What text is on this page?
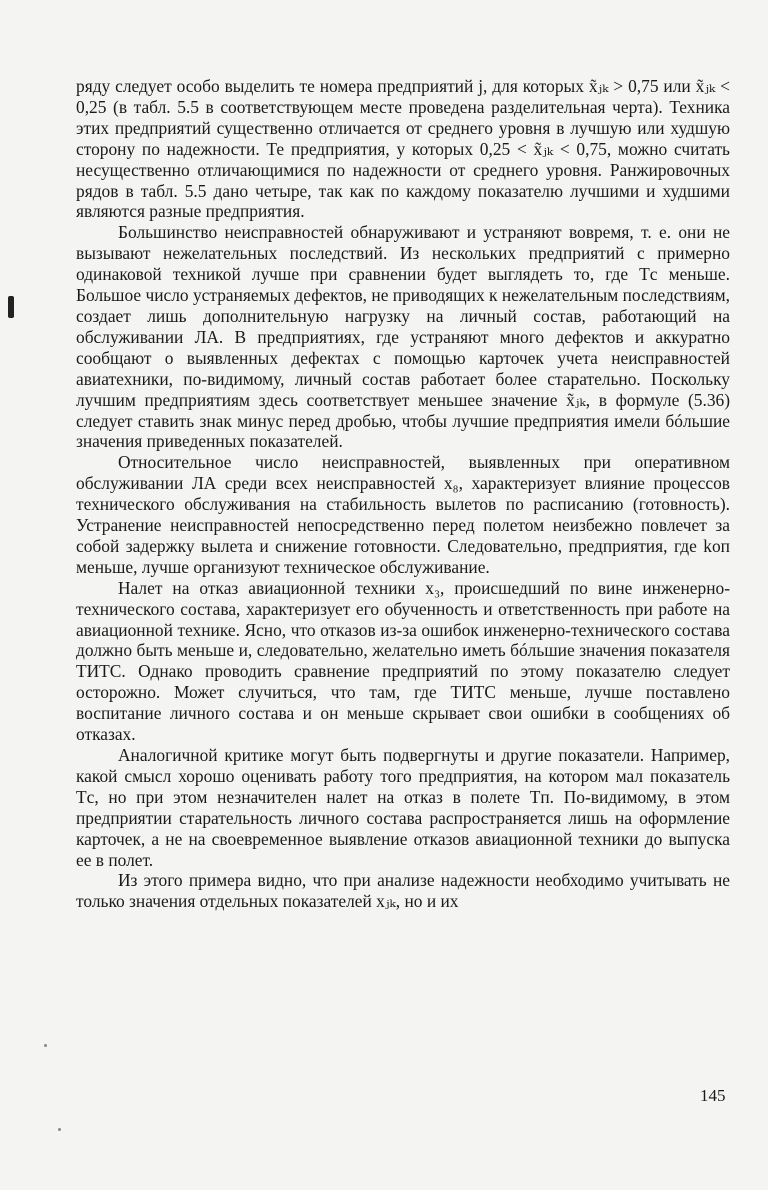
ряду следует особо выделить те номера предприятий j, для которых x̃ⱼₖ > 0,75 или x̃ⱼₖ < 0,25 (в табл. 5.5 в соответствующем месте проведена разделительная черта). Техника этих предприятий существенно отличается от среднего уровня в лучшую или худшую сторону по надежности. Те предприятия, у которых 0,25 < x̃ⱼₖ < 0,75, можно считать несущественно отличающимися по надежности от среднего уровня. Ранжировочных рядов в табл. 5.5 дано четыре, так как по каждому показателю лучшими и худшими являются разные предприятия.

Большинство неисправностей обнаруживают и устраняют вовремя, т. е. они не вызывают нежелательных последствий. Из нескольких предприятий с примерно одинаковой техникой лучше при сравнении будет выглядеть то, где Tс меньше. Большое число устраняемых дефектов, не приводящих к нежелательным последствиям, создает лишь дополнительную нагрузку на личный состав, работающий на обслуживании ЛА. В предприятиях, где устраняют много дефектов и аккуратно сообщают о выявленных дефектах с помощью карточек учета неисправностей авиатехники, по-видимому, личный состав работает более старательно. Поскольку лучшим предприятиям здесь соответствует меньшее значение x̃ⱼₖ, в формуле (5.36) следует ставить знак минус перед дробью, чтобы лучшие предприятия имели бóльшие значения приведенных показателей.

Относительное число неисправностей, выявленных при оперативном обслуживании ЛА среди всех неисправностей x₈, характеризует влияние процессов технического обслуживания на стабильность вылетов по расписанию (готовность). Устранение неисправностей непосредственно перед полетом неизбежно повлечет за собой задержку вылета и снижение готовности. Следовательно, предприятия, где kоп меньше, лучше организуют техническое обслуживание.

Налет на отказ авиационной техники x₃, происшедший по вине инженерно-технического состава, характеризует его обученность и ответственность при работе на авиационной технике. Ясно, что отказов из-за ошибок инженерно-технического состава должно быть меньше и, следовательно, желательно иметь бóльшие значения показателя TИТС. Однако проводить сравнение предприятий по этому показателю следует осторожно. Может случиться, что там, где TИТС меньше, лучше поставлено воспитание личного состава и он меньше скрывает свои ошибки в сообщениях об отказах.

Аналогичной критике могут быть подвергнуты и другие показатели. Например, какой смысл хорошо оценивать работу того предприятия, на котором мал показатель Tс, но при этом незначителен налет на отказ в полете Tп. По-видимому, в этом предприятии старательность личного состава распространяется лишь на оформление карточек, а не на своевременное выявление отказов авиационной техники до выпуска ее в полет.

Из этого примера видно, что при анализе надежности необходимо учитывать не только значения отдельных показателей xⱼₖ, но и их

145
